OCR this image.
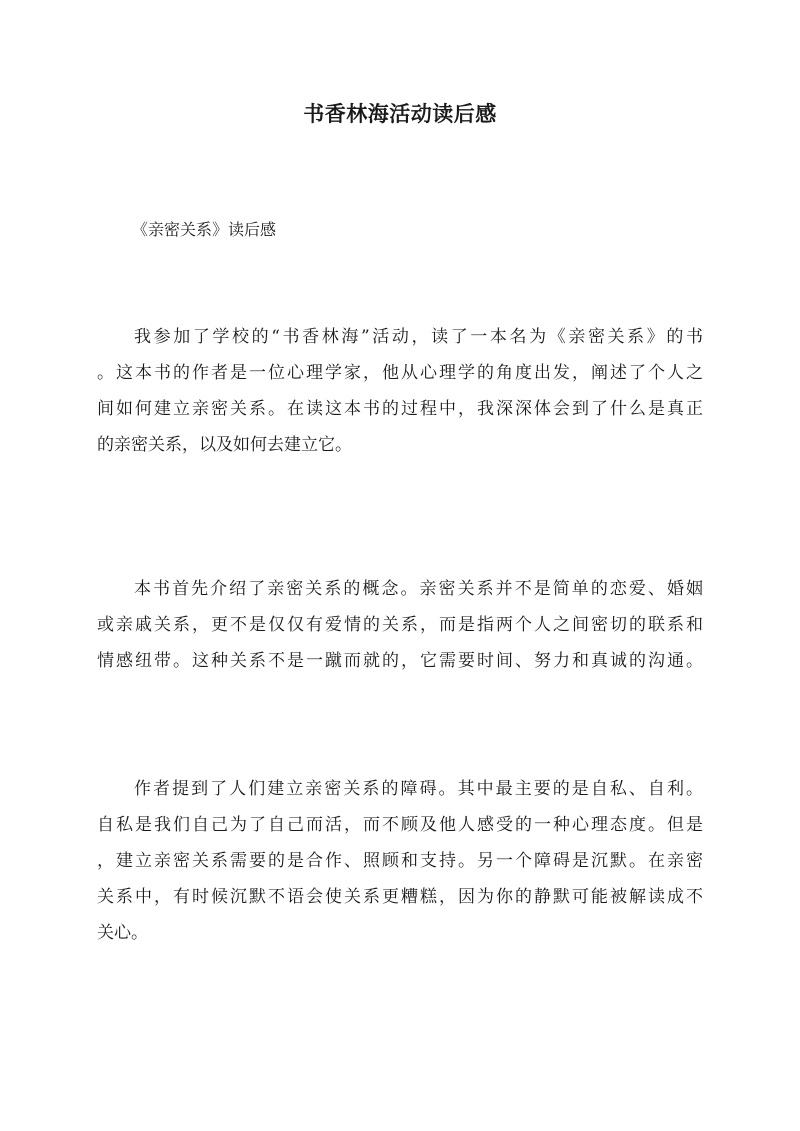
书香林海活动读后感
《亲密关系》读后感
我参加了学校的“书香林海”活动，读了一本名为《亲密关系》的书
。这本书的作者是一位心理学家，他从心理学的角度出发，阐述了个人之
间如何建立亲密关系。在读这本书的过程中，我深深体会到了什么是真正
的亲密关系，以及如何去建立它。
本书首先介绍了亲密关系的概念。亲密关系并不是简单的恋爱、婚姻
或亲戚关系，更不是仅仅有爱情的关系，而是指两个人之间密切的联系和
情感纽带。这种关系不是一蹴而就的，它需要时间、努力和真诚的沟通。
作者提到了人们建立亲密关系的障碍。其中最主要的是自私、自利。
自私是我们自己为了自己而活，而不顾及他人感受的一种心理态度。但是
，建立亲密关系需要的是合作、照顾和支持。另一个障碍是沉默。在亲密
关系中，有时候沉默不语会使关系更糟糕，因为你的静默可能被解读成不
关心。
